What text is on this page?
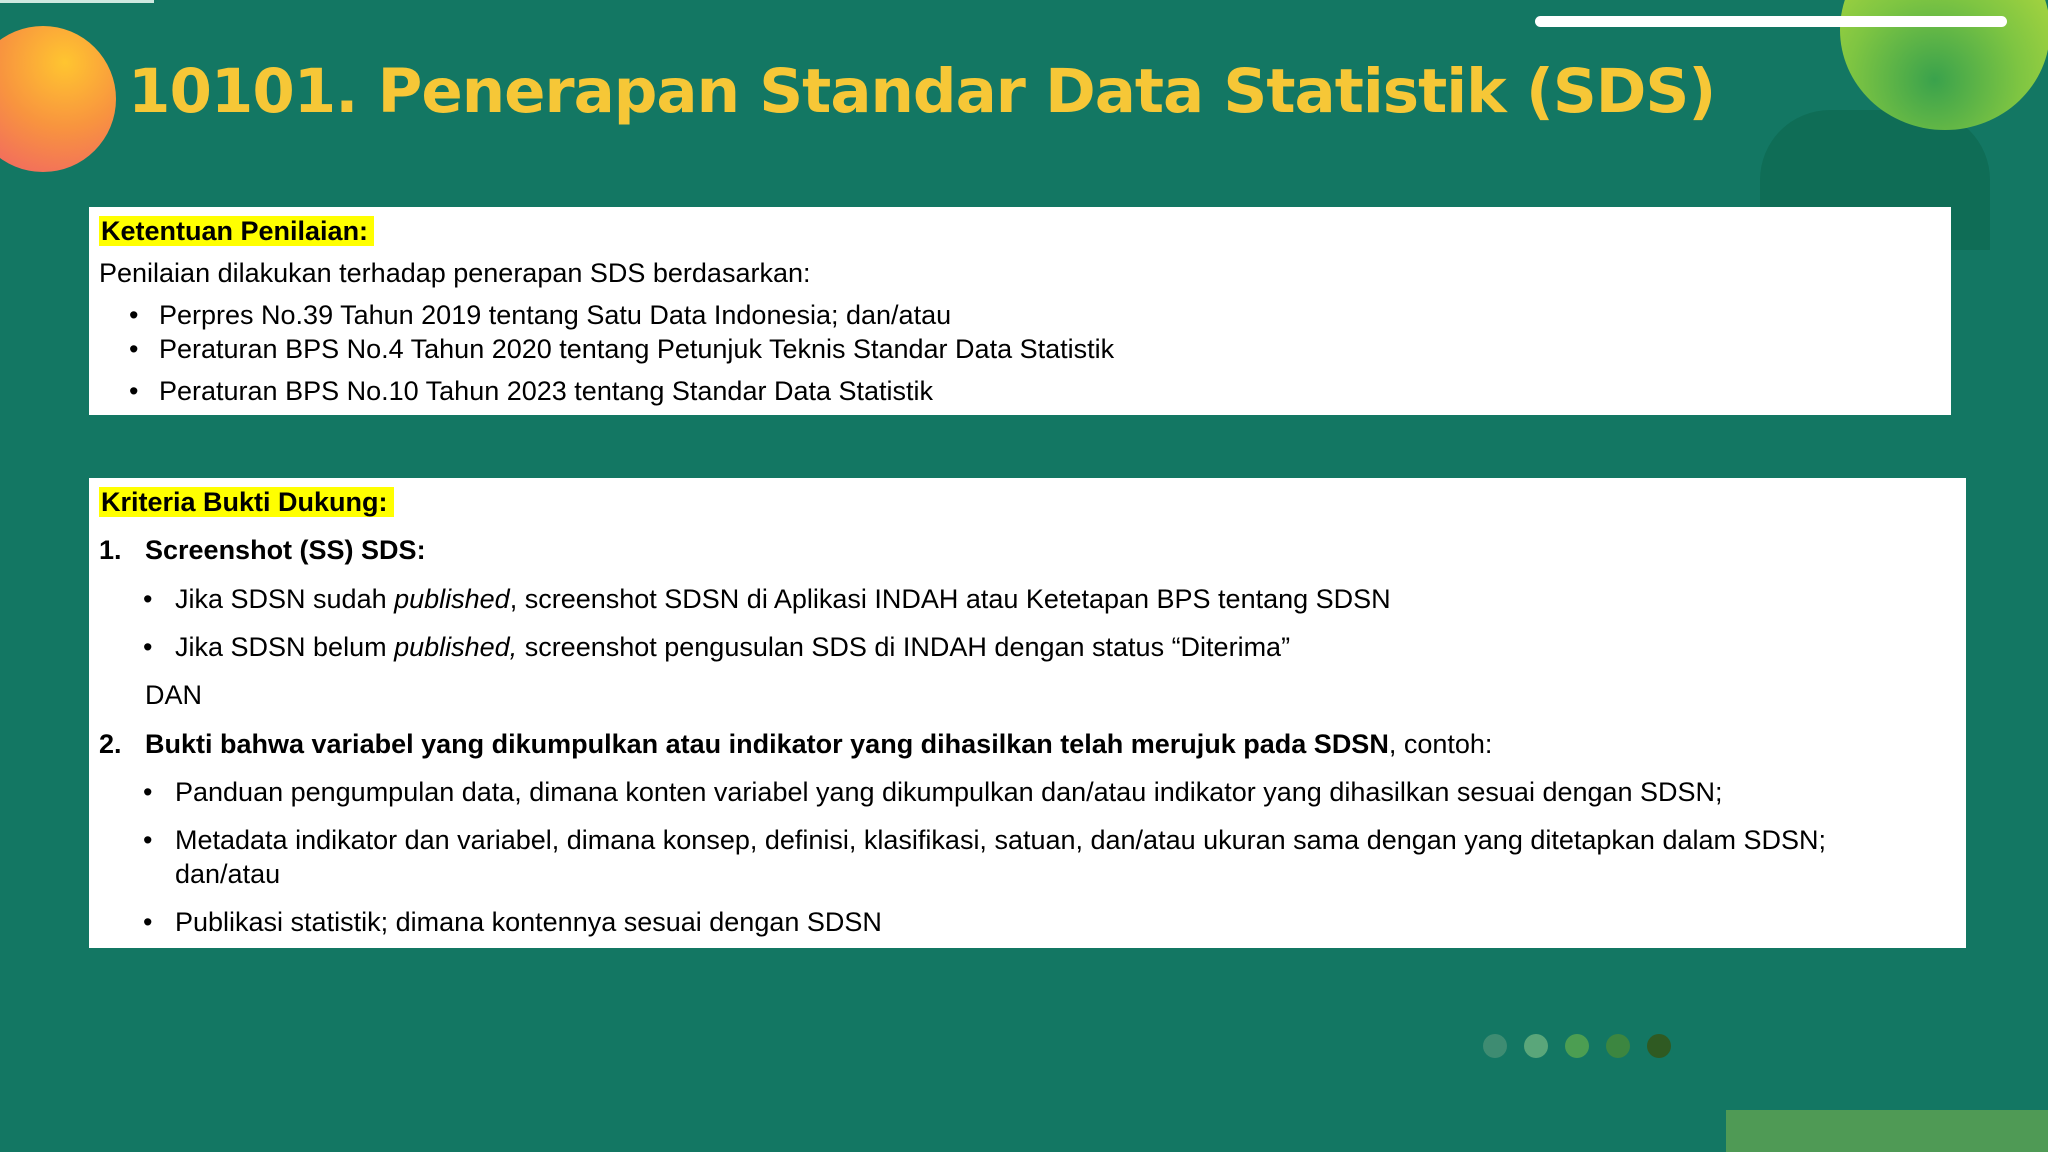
10101. Penerapan Standar Data Statistik (SDS)
Ketentuan Penilaian:
Penilaian dilakukan terhadap penerapan SDS berdasarkan:
• Perpres No.39 Tahun 2019 tentang Satu Data Indonesia; dan/atau
• Peraturan BPS No.4 Tahun 2020 tentang Petunjuk Teknis Standar Data Statistik
• Peraturan BPS No.10 Tahun 2023 tentang Standar Data Statistik
Kriteria Bukti Dukung:
1. Screenshot (SS) SDS:
• Jika SDSN sudah published, screenshot SDSN di Aplikasi INDAH atau Ketetapan BPS tentang SDSN
• Jika SDSN belum published, screenshot pengusulan SDS di INDAH dengan status “Diterima”
DAN
2. Bukti bahwa variabel yang dikumpulkan atau indikator yang dihasilkan telah merujuk pada SDSN, contoh:
• Panduan pengumpulan data, dimana konten variabel yang dikumpulkan dan/atau indikator yang dihasilkan sesuai dengan SDSN;
• Metadata indikator dan variabel, dimana konsep, definisi, klasifikasi, satuan, dan/atau ukuran sama dengan yang ditetapkan dalam SDSN;
dan/atau
• Publikasi statistik; dimana kontennya sesuai dengan SDSN
